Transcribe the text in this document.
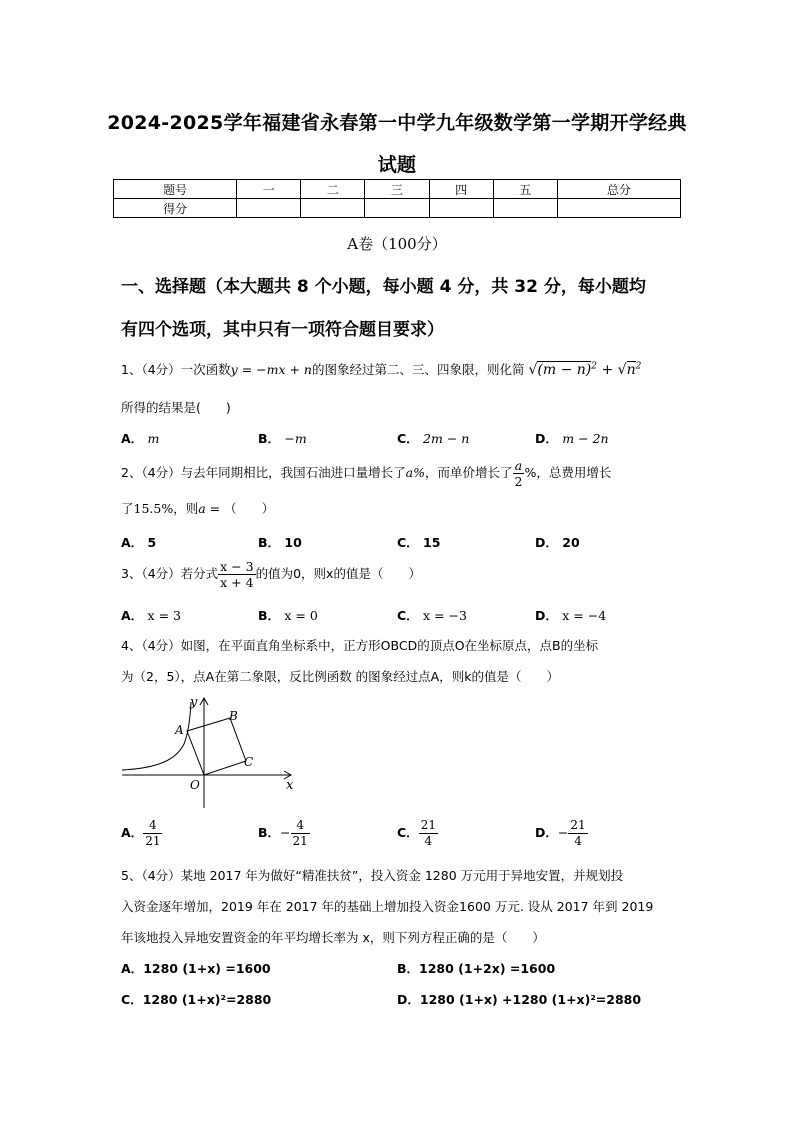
2024-2025学年福建省永春第一中学九年级数学第一学期开学经典
试题
题号	一	二	三	四	五	总分
得分						
A卷（100分）
一、选择题（本大题共 8 个小题，每小题 4 分，共 32 分，每小题均
有四个选项，其中只有一项符合题目要求）
1、（4分）一次函数y = −mx + n的图象经过第二、三、四象限，则化简 $√(m - n)^2 + √n^2$
所得的结果是(　　)
A． m	B． −m	C． 2m − n	D． m − 2n
2、（4分）与去年同期相比，我国石油进口量增长了a%，而单价增长了 $\frac{a}{2}$ %，总费用增长
了15.5%，则a = （　　）
A． 5	B． 10	C． 15	D． 20
3、（4分）若分式 $\frac{x - 3}{x + 4}$ 的值为0，则x的值是（　　）
A． x = 3	B． x = 0	C． x = −3	D． x = −4
4、（4分）如图，在平面直角坐标系中，正方形OBCD的顶点O在坐标原点，点B的坐标
为（2，5），点A在第二象限，反比例函数 的图象经过点A，则k的值是（　　）
y
x
O
A
B
C
A． $\frac{4}{21}$	B．− $\frac{4}{21}$	C． $\frac{21}{4}$	D．− $\frac{21}{4}$
5、（4分）某地 2017 年为做好“精准扶贫”，投入资金 1280 万元用于异地安置，并规划投
入资金逐年增加，2019 年在 2017 年的基础上增加投入资金1600 万元. 设从 2017 年到 2019
年该地投入异地安置资金的年平均增长率为 x，则下列方程正确的是（　　）
A．1280 (1+x) =1600	B．1280 (1+2x) =1600
C．1280 (1+x)²=2880	D．1280 (1+x) +1280 (1+x)²=2880
